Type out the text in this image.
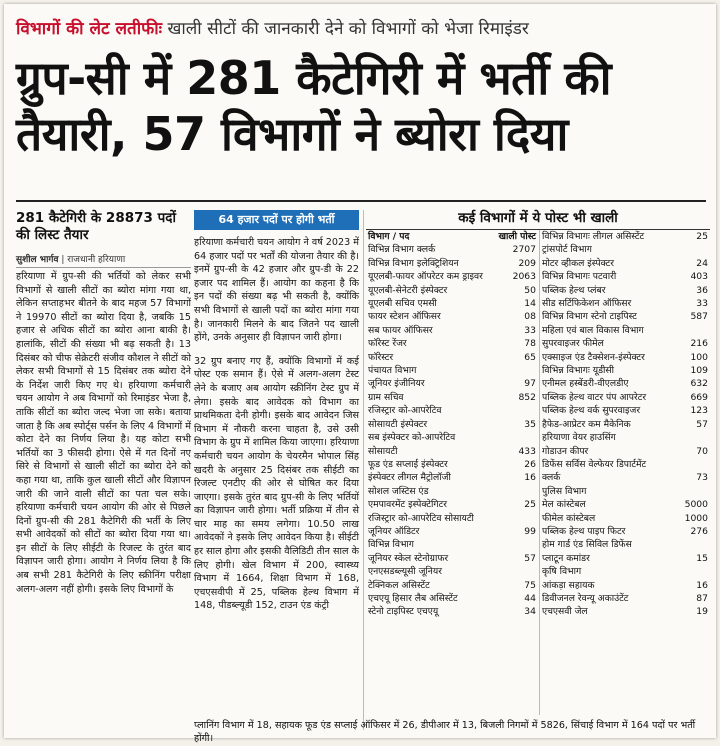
विभागों की लेट लतीफीः खाली सीटों की जानकारी देने को विभागों को भेजा रिमाइंडर
ग्रुप-सी में 281 कैटेगिरी में भर्ती की
तैयारी, 57 विभागों ने ब्योरा दिया
281 कैटेगिरी के 28873 पदों की लिस्ट तैयार
सुशील भार्गव | राजधानी हरियाणा
64 हजार पदों पर होगी भर्ती	कई विभागों में ये पोस्ट भी खाली

हरियाणा में ग्रुप-सी की भर्तियों को लेकर सभी विभागों से खाली सीटों का ब्योरा मांगा गया था, लेकिन सप्ताहभर बीतने के बाद महज 57 विभागों ने 19970 सीटों का ब्योरा दिया है, जबकि 15 हजार से अधिक सीटों का ब्योरा आना बाकी है। हालांकि, सीटों की संख्या भी बढ़ सकती है। 13 दिसंबर को चीफ सेक्रेटरी संजीव कौशल ने सीटों को लेकर सभी विभागों से 15 दिसंबर तक ब्योरा देने के निर्देश जारी किए गए थे। हरियाणा कर्मचारी चयन आयोग ने अब विभागों को रिमाइंडर भेजा है, ताकि सीटों का ब्योरा जल्द भेजा जा सके। बताया जाता है कि अब स्पोर्ट्स पर्सन के लिए 4 विभागों में कोटा देने का निर्णय लिया है। यह कोटा सभी भर्तियों का 3 फीसदी होगा। ऐसे में गत दिनों नए सिरे से विभागों से खाली सीटों का ब्योरा देने को कहा गया था, ताकि कुल खाली सीटों और विज्ञापन जारी की जाने वाली सीटों का पता चल सके। हरियाणा कर्मचारी चयन आयोग की ओर से पिछले दिनों ग्रुप-सी की 281 कैटेगिरी की भर्ती के लिए सभी आवेदकों को सीटों का ब्योरा दिया गया था। इन सीटों के लिए सीईटी के रिजल्ट के तुरंत बाद विज्ञापन जारी होगा। आयोग ने निर्णय लिया है कि अब सभी 281 कैटेगिरी के लिए स्क्रीनिंग परीक्षा अलग-अलग नहीं होगी। इसके लिए विभागों के

हरियाणा कर्मचारी चयन आयोग ने वर्ष 2023 में 64 हजार पदों पर भर्तों की योजना तैयार की है। इनमें ग्रुप-सी के 42 हजार और ग्रुप-डी के 22 हजार पद शामिल हैं। आयोग का कहना है कि इन पदों की संख्या बढ़ भी सकती है, क्योंकि सभी विभागों से खाली पदों का ब्योरा मांगा गया है। जानकारी मिलने के बाद जितने पद खाली होंगे, उनके अनुसार ही विज्ञापन जारी होगा।

32 ग्रुप बनाए गए हैं, क्योंकि विभागों में कई पोस्ट एक समान हैं। ऐसे में अलग-अलग टेस्ट लेने के बजाए अब आयोग स्क्रीनिंग टेस्ट ग्रुप में लेगा। इसके बाद आवेदक को विभाग का प्राथमिकता देनी होगी। इसके बाद आवेदन जिस विभाग में नौकरी करना चाहता है, उसे उसी विभाग के ग्रुप में शामिल किया जाएगा। हरियाणा कर्मचारी चयन आयोग के चेयरमैन भोपाल सिंह खदरी के अनुसार 25 दिसंबर तक सीईटी का रिजल्ट एनटीए की ओर से घोषित कर दिया जाएगा। इसके तुरंत बाद ग्रुप-सी के लिए भर्तियों का विज्ञापन जारी होगा। भर्ती प्रक्रिया में तीन से चार माह का समय लगेगा। 10.50 लाख आवेदकों ने इसके लिए आवेदन किया है। सीईटी हर साल होगा और इसकी वैलिडिटी तीन साल के लिए होगी। खेल विभाग में 200, स्वास्थ्य विभाग में 1664, शिक्षा विभाग में 168, एचएसवीपी में 25, पब्लिक हेल्थ विभाग में 148, पीडब्ल्यूडी 152, टाउन एंड कंट्री

विभाग / पद	खाली पोस्ट
विभिन्न विभाग क्लर्क	2707
विभिन्न विभाग इलेक्ट्रिशियन	209
यूएलबी-फायर ऑपरेटर कम ड्राइवर	2063
यूएलबी-सेनेटरी इंस्पेक्टर	50
यूएलबी सचिव एमसी	14
फायर स्टेशन ऑफिसर	08
सब फायर ऑफिसर	33
फॉरेस्ट रेंजर	78
फॉरेस्टर	65
पंचायत विभाग
जूनियर इंजीनियर	97
ग्राम सचिव	852
रजिस्ट्रार को-आपरेटिव
सोसायटी इंस्पेक्टर	35
सब इंस्पेक्टर को-आपरेटिव
सोसायटी	433
फूड एंड सप्लाई इंस्पेक्टर	26
इंस्पेक्टर लीगल मैट्रोलॉजी	16
सोशल जस्टिस एंड
एमपावरमेंट इस्पेक्टेगिटर	25
रजिस्ट्रार को-आपरेटिव सोसायटी
जूनियर ऑडिटर	99
विभिन्न विभाग
जूनियर स्केल स्टेनोग्राफर	57
एनएसडब्ल्यूसी जूनियर
टेक्निकल असिस्टेंट	75
एचएयू हिसार लैब असिस्टेंट	44
स्टेनो टाइपिस्ट एचएयू	34
विभिन्न विभागः लीगल असिस्टेंट	25
ट्रांसपोर्ट विभाग
मोटर व्हीकल इंस्पेक्टर	24
विभिन्न विभागः पटवारी	403
पब्लिक हेल्थ प्लंबर	36
सीड सर्टिफिकेशन ऑफिसर	33
विभिन्न विभाग स्टेनो टाइपिस्ट	587
महिला एवं बाल विकास विभाग
सुपरवाइजर फीमेल	216
एक्साइज एंड टैक्सेशन-इंस्पेक्टर	100
विभिन्न विभागः यूडीसी	109
एनीमल हस्बेंडरी-वीएलडीए	632
पब्लिक हेल्थ वाटर पंप आपरेटर	669
पब्लिक हेल्थ वर्क सुपरवाइजर	123
हैफेड-आप्रेटर कम मैकेनिक	57
हरियाणा वेयर हाउसिंग
गोडाउन कीपर	70
डिफेंस सर्विस वेल्फेयर डिपार्टमेंट
क्लर्क	73
पुलिस विभाग
मेल कांस्टेबल	5000
फीमेल कांस्टेबल	1000
पब्लिक हेल्थ पाइप फिटर	276
होम गार्ड एंड सिविल डिफेंस
प्लाटून कमांडर	15
कृषि विभाग
आंकड़ा सहायक	16
डिवीजनल रेवन्यू अकाउंटेंट	87
एचएसवी जेल	19
प्लानिंग विभाग में 18, सहायक फूड एंड सप्लाई ऑफिसर में 26, डीपीआर में 13, बिजली निगमों में 5826, सिंचाई विभाग में 164 पदों पर भर्ती होंगी।
